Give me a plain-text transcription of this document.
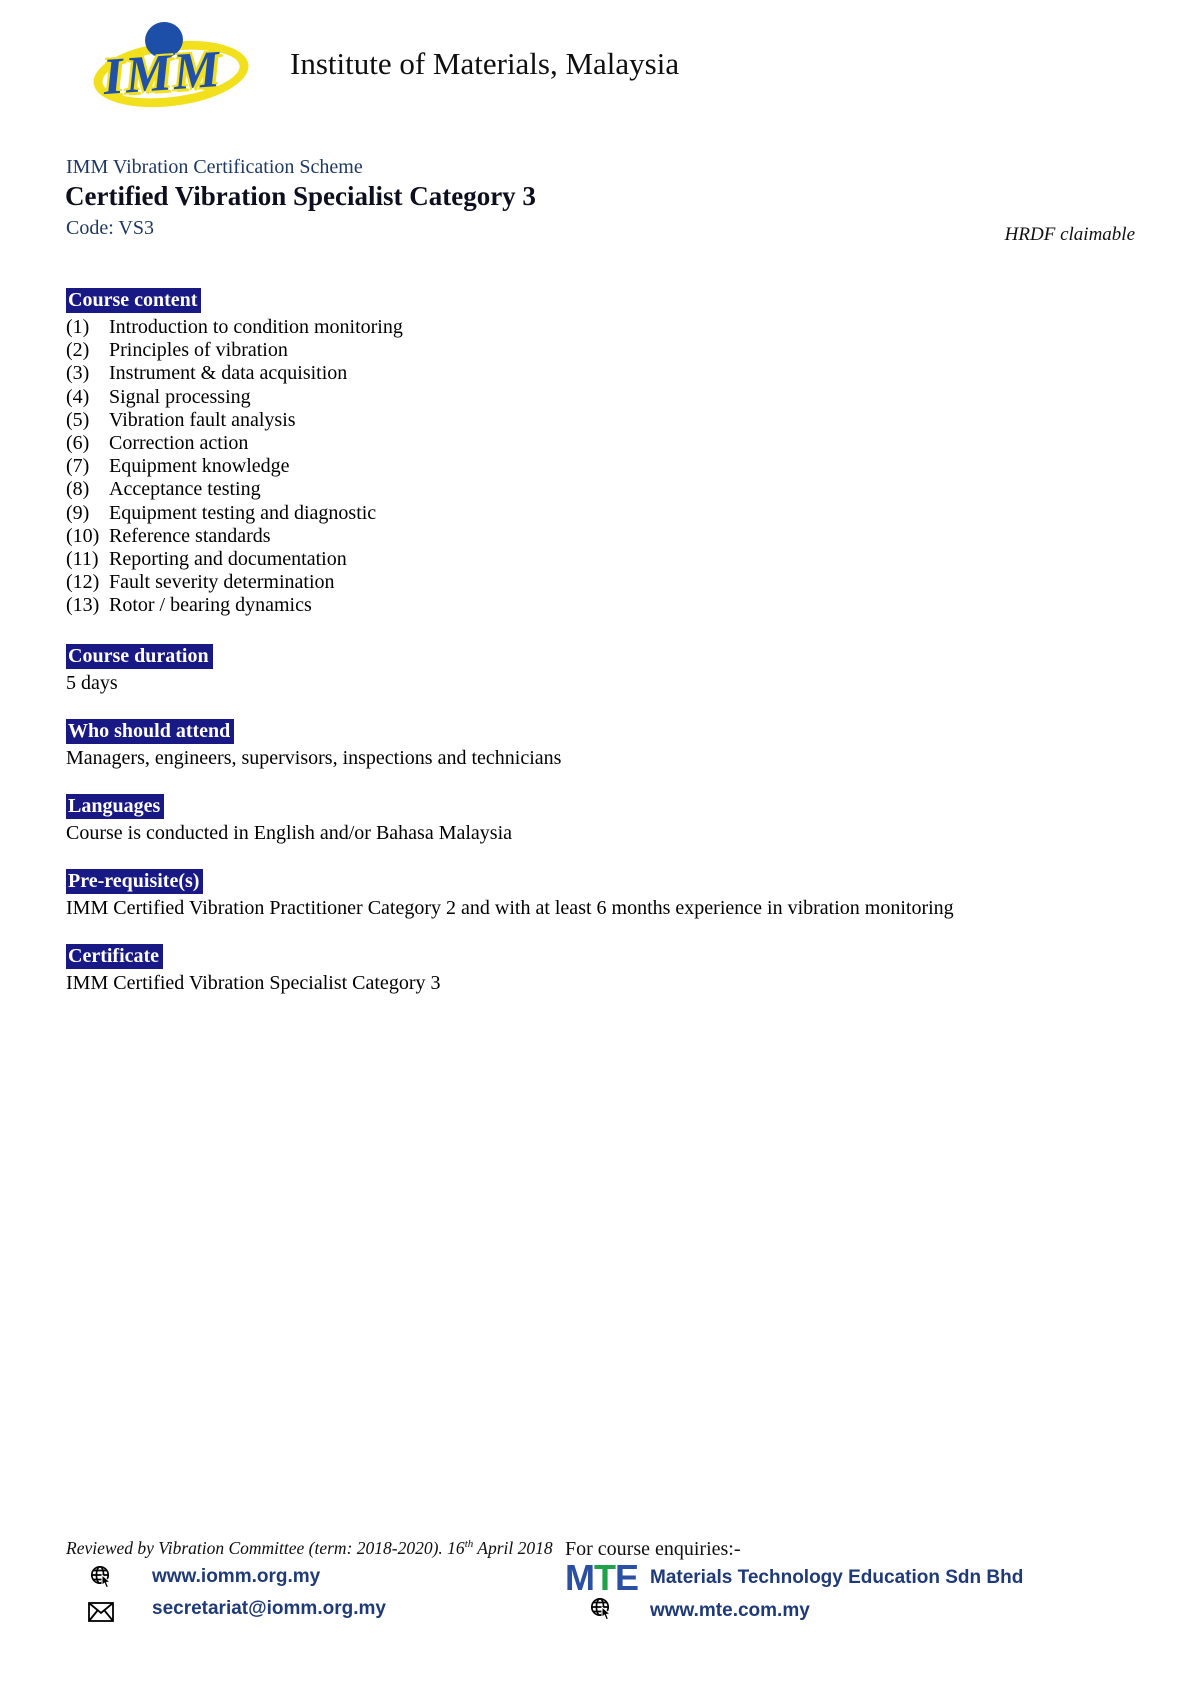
IMM Institute of Materials, Malaysia
IMM Vibration Certification Scheme
Certified Vibration Specialist Category 3
Code: VS3	HRDF claimable
Course content
(1) Introduction to condition monitoring
(2) Principles of vibration
(3) Instrument & data acquisition
(4) Signal processing
(5) Vibration fault analysis
(6) Correction action
(7) Equipment knowledge
(8) Acceptance testing
(9) Equipment testing and diagnostic
(10) Reference standards
(11) Reporting and documentation
(12) Fault severity determination
(13) Rotor / bearing dynamics
Course duration
5 days
Who should attend
Managers, engineers, supervisors, inspections and technicians
Languages
Course is conducted in English and/or Bahasa Malaysia
Pre-requisite(s)
IMM Certified Vibration Practitioner Category 2 and with at least 6 months experience in vibration monitoring
Certificate
IMM Certified Vibration Specialist Category 3
Reviewed by Vibration Committee (term: 2018-2020). 16th April 2018
www.iomm.org.my
secretariat@iomm.org.my
For course enquiries:-
MTE Materials Technology Education Sdn Bhd
www.mte.com.my
